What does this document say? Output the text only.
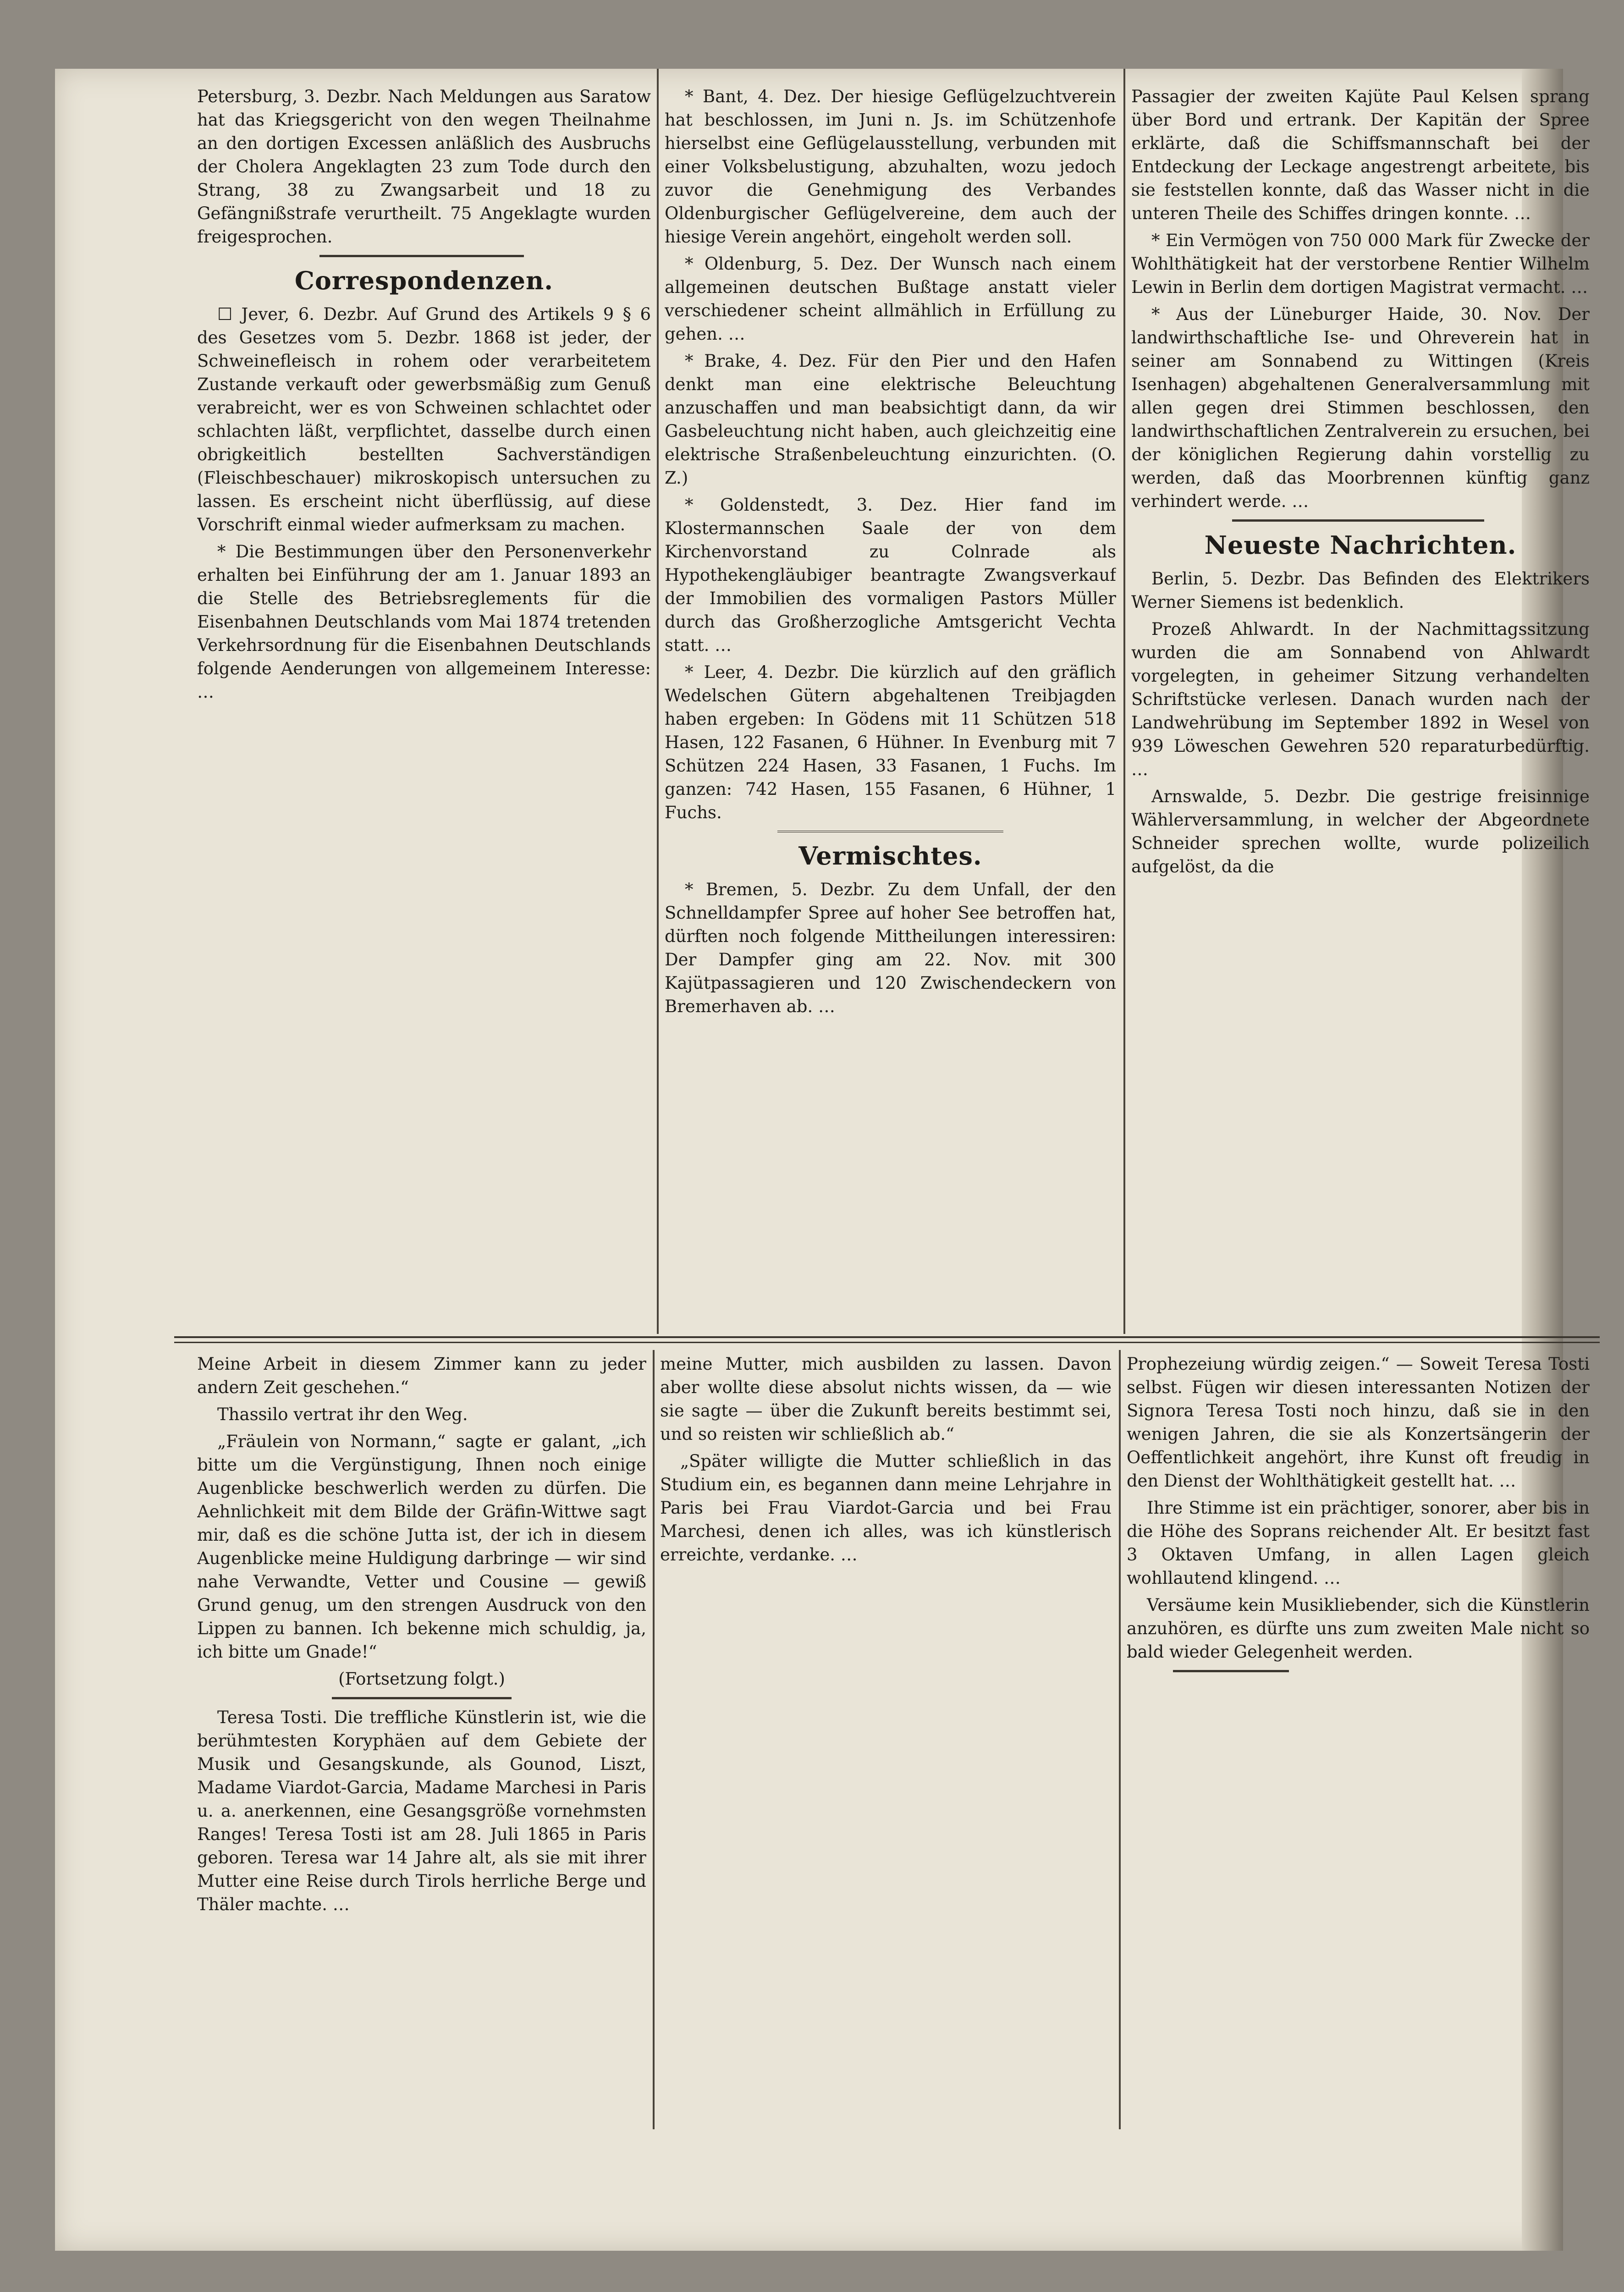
Petersburg, 3. Dezbr. Nach Meldungen aus Saratow hat das Kriegsgericht von den wegen Theilnahme an den dortigen Excessen anläßlich des Ausbruchs der Cholera Angeklagten 23 zum Tode durch den Strang, 38 zu Zwangsarbeit und 18 zu Gefängnißstrafe verurtheilt. 75 Angeklagte wurden freigesprochen.

Correspondenzen.

☐ Jever, 6. Dezbr. Auf Grund des Artikels 9 § 6 des Gesetzes vom 5. Dezbr. 1868 ist jeder, der Schweinefleisch in rohem oder verarbeitetem Zustande verkauft oder gewerbsmäßig zum Genuß verabreicht, wer es von Schweinen schlachtet oder schlachten läßt, verpflichtet, dasselbe durch einen obrigkeitlich bestellten Sachverständigen (Fleischbeschauer) mikroskopisch untersuchen zu lassen. Es erscheint nicht überflüssig, auf diese Vorschrift einmal wieder aufmerksam zu machen.

* Die Bestimmungen über den Personenverkehr erhalten bei Einführung der am 1. Januar 1893 an die Stelle des Betriebsreglements für die Eisenbahnen Deutschlands vom Mai 1874 tretenden Verkehrsordnung für die Eisenbahnen Deutschlands folgende Aenderungen von allgemeinem Interesse: …

* Bant, 4. Dez. Der hiesige Geflügelzuchtverein hat beschlossen, im Juni n. Js. im Schützenhofe hierselbst eine Geflügelausstellung, verbunden mit einer Volksbelustigung, abzuhalten, wozu jedoch zuvor die Genehmigung des Verbandes Oldenburgischer Geflügelvereine, dem auch der hiesige Verein angehört, eingeholt werden soll.

* Oldenburg, 5. Dez. Der Wunsch nach einem allgemeinen deutschen Bußtage anstatt vieler verschiedener scheint allmählich in Erfüllung zu gehen. …

* Brake, 4. Dez. Für den Pier und den Hafen denkt man eine elektrische Beleuchtung anzuschaffen und man beabsichtigt dann, da wir Gasbeleuchtung nicht haben, auch gleichzeitig eine elektrische Straßenbeleuchtung einzurichten. (O. Z.)

* Goldenstedt, 3. Dez. Hier fand im Klostermannschen Saale der von dem Kirchenvorstand zu Colnrade als Hypothekengläubiger beantragte Zwangsverkauf der Immobilien des vormaligen Pastors Müller durch das Großherzogliche Amtsgericht Vechta statt. …

* Leer, 4. Dezbr. Die kürzlich auf den gräflich Wedelschen Gütern abgehaltenen Treibjagden haben ergeben: In Gödens mit 11 Schützen 518 Hasen, 122 Fasanen, 6 Hühner. In Evenburg mit 7 Schützen 224 Hasen, 33 Fasanen, 1 Fuchs. Im ganzen: 742 Hasen, 155 Fasanen, 6 Hühner, 1 Fuchs.

Vermischtes.

* Bremen, 5. Dezbr. Zu dem Unfall, der den Schnelldampfer Spree auf hoher See betroffen hat, dürften noch folgende Mittheilungen interessiren: Der Dampfer ging am 22. Nov. mit 300 Kajütpassagieren und 120 Zwischendeckern von Bremerhaven ab. …

Passagier der zweiten Kajüte Paul Kelsen sprang über Bord und ertrank. Der Kapitän der Spree erklärte, daß die Schiffsmannschaft bei der Entdeckung der Leckage angestrengt arbeitete, bis sie feststellen konnte, daß das Wasser nicht in die unteren Theile des Schiffes dringen konnte. …

* Ein Vermögen von 750 000 Mark für Zwecke der Wohlthätigkeit hat der verstorbene Rentier Wilhelm Lewin in Berlin dem dortigen Magistrat vermacht. …

* Aus der Lüneburger Haide, 30. Nov. Der landwirthschaftliche Ise- und Ohreverein hat in seiner am Sonnabend zu Wittingen (Kreis Isenhagen) abgehaltenen Generalversammlung mit allen gegen drei Stimmen beschlossen, den landwirthschaftlichen Zentralverein zu ersuchen, bei der königlichen Regierung dahin vorstellig zu werden, daß das Moorbrennen künftig ganz verhindert werde. …

Neueste Nachrichten.

Berlin, 5. Dezbr. Das Befinden des Elektrikers Werner Siemens ist bedenklich.

Prozeß Ahlwardt. In der Nachmittagssitzung wurden die am Sonnabend von Ahlwardt vorgelegten, in geheimer Sitzung verhandelten Schriftstücke verlesen. Danach wurden nach der Landwehrübung im September 1892 in Wesel von 939 Löweschen Gewehren 520 reparaturbedürftig. …

Arnswalde, 5. Dezbr. Die gestrige freisinnige Wählerversammlung, in welcher der Abgeordnete Schneider sprechen wollte, wurde polizeilich aufgelöst, da die

Meine Arbeit in diesem Zimmer kann zu jeder andern Zeit geschehen.“

Thassilo vertrat ihr den Weg.

„Fräulein von Normann,“ sagte er galant, „ich bitte um die Vergünstigung, Ihnen noch einige Augenblicke beschwerlich werden zu dürfen. Die Aehnlichkeit mit dem Bilde der Gräfin-Wittwe sagt mir, daß es die schöne Jutta ist, der ich in diesem Augenblicke meine Huldigung darbringe — wir sind nahe Verwandte, Vetter und Cousine — gewiß Grund genug, um den strengen Ausdruck von den Lippen zu bannen. Ich bekenne mich schuldig, ja, ich bitte um Gnade!“

(Fortsetzung folgt.)

Teresa Tosti. Die treffliche Künstlerin ist, wie die berühmtesten Koryphäen auf dem Gebiete der Musik und Gesangskunde, als Gounod, Liszt, Madame Viardot-Garcia, Madame Marchesi in Paris u. a. anerkennen, eine Gesangsgröße vornehmsten Ranges! Teresa Tosti ist am 28. Juli 1865 in Paris geboren. Teresa war 14 Jahre alt, als sie mit ihrer Mutter eine Reise durch Tirols herrliche Berge und Thäler machte. …

meine Mutter, mich ausbilden zu lassen. Davon aber wollte diese absolut nichts wissen, da — wie sie sagte — über die Zukunft bereits bestimmt sei, und so reisten wir schließlich ab.“

„Später willigte die Mutter schließlich in das Studium ein, es begannen dann meine Lehrjahre in Paris bei Frau Viardot-Garcia und bei Frau Marchesi, denen ich alles, was ich künstlerisch erreichte, verdanke. …

Prophezeiung würdig zeigen.“ — Soweit Teresa Tosti selbst. Fügen wir diesen interessanten Notizen der Signora Teresa Tosti noch hinzu, daß sie in den wenigen Jahren, die sie als Konzertsängerin der Oeffentlichkeit angehört, ihre Kunst oft freudig in den Dienst der Wohlthätigkeit gestellt hat. …

Ihre Stimme ist ein prächtiger, sonorer, aber bis in die Höhe des Soprans reichender Alt. Er besitzt fast 3 Oktaven Umfang, in allen Lagen gleich wohllautend klingend. …

Versäume kein Musikliebender, sich die Künstlerin anzuhören, es dürfte uns zum zweiten Male nicht so bald wieder Gelegenheit werden.
